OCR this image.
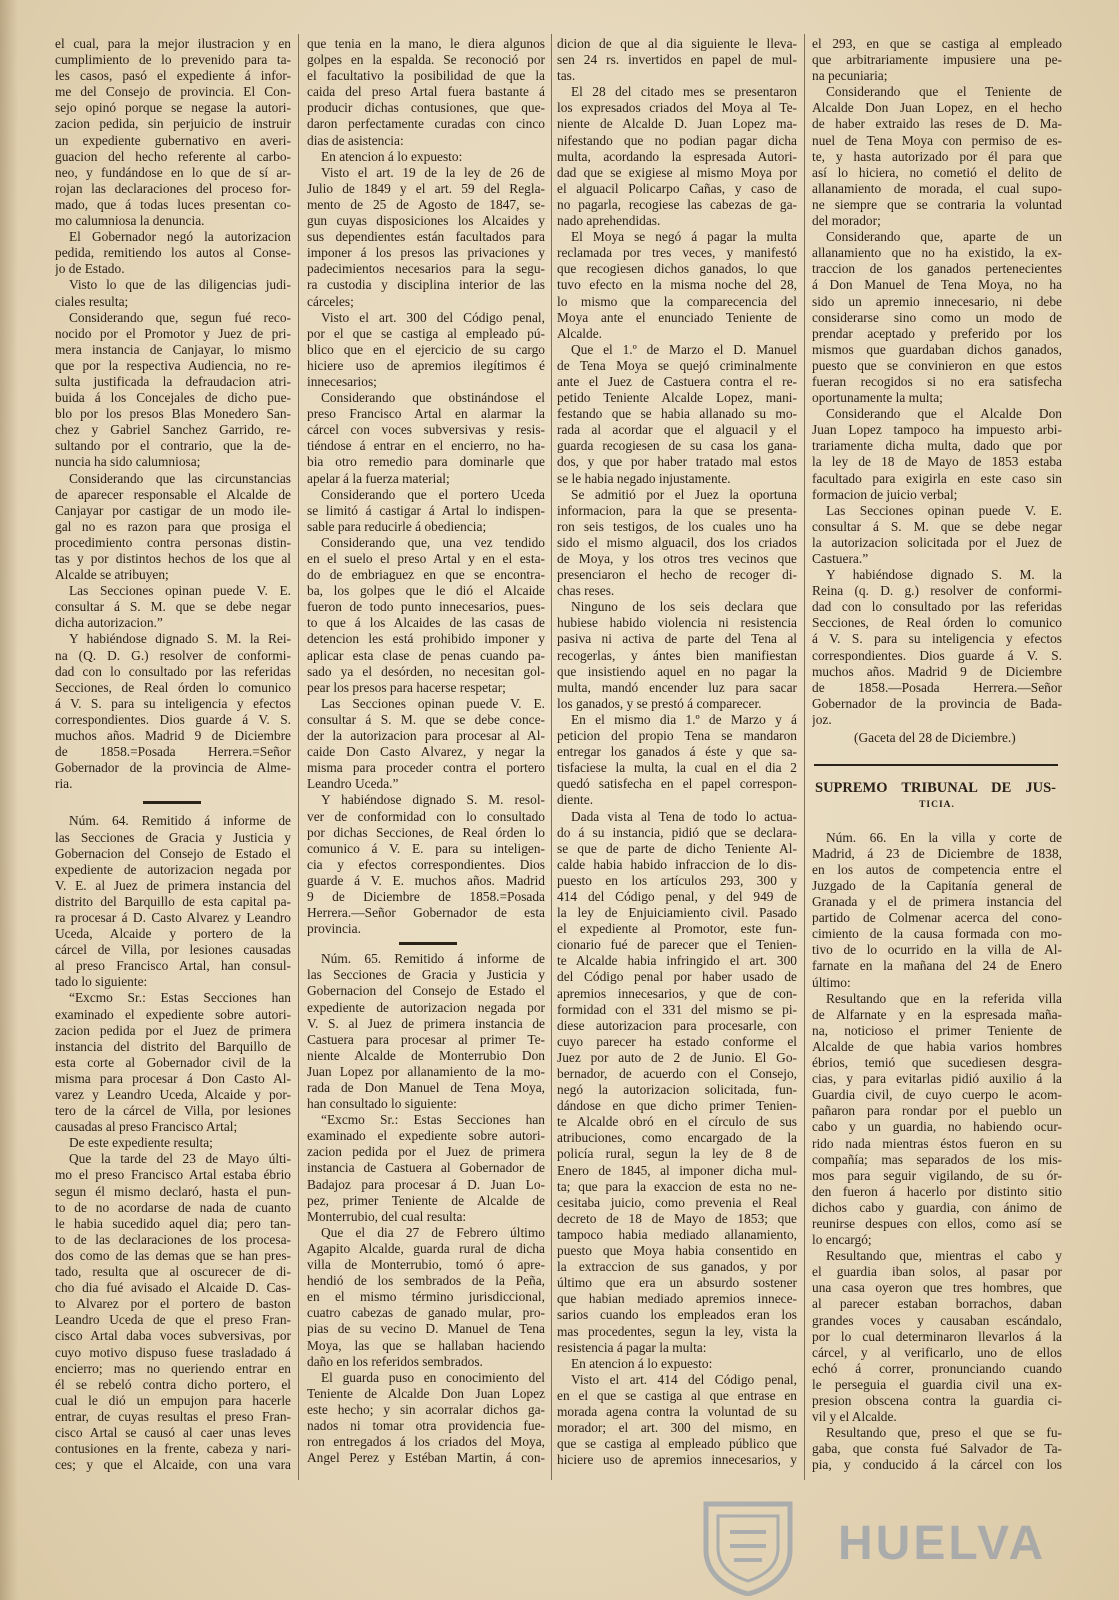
el cual, para la mejor ilustracion y en
cumplimiento de lo prevenido para ta-
les casos, pasó el expediente á infor-
me del Consejo de provincia. El Con-
sejo opinó porque se negase la autori-
zacion pedida, sin perjuicio de instruir
un expediente gubernativo en averi-
guacion del hecho referente al carbo-
neo, y fundándose en lo que de sí ar-
rojan las declaraciones del proceso for-
mado, que á todas luces presentan co-
mo calumniosa la denuncia.
El Gobernador negó la autorizacion
pedida, remitiendo los autos al Conse-
jo de Estado.
Visto lo que de las diligencias judi-
ciales resulta;
Considerando que, segun fué reco-
nocido por el Promotor y Juez de pri-
mera instancia de Canjayar, lo mismo
que por la respectiva Audiencia, no re-
sulta justificada la defraudacion atri-
buida á los Concejales de dicho pue-
blo por los presos Blas Monedero San-
chez y Gabriel Sanchez Garrido, re-
sultando por el contrario, que la de-
nuncia ha sido calumniosa;
Considerando que las circunstancias
de aparecer responsable el Alcalde de
Canjayar por castigar de un modo ile-
gal no es razon para que prosiga el
procedimiento contra personas distin-
tas y por distintos hechos de los que al
Alcalde se atribuyen;
Las Secciones opinan puede V. E.
consultar á S. M. que se debe negar
dicha autorizacion.”
Y habiéndose dignado S. M. la Rei-
na (Q. D. G.) resolver de conformi-
dad con lo consultado por las referidas
Secciones, de Real órden lo comunico
á V. S. para su inteligencia y efectos
correspondientes. Dios guarde á V. S.
muchos años. Madrid 9 de Diciembre
de 1858.=Posada Herrera.=Señor
Gobernador de la provincia de Alme-
ria.
Núm. 64. Remitido á informe de
las Secciones de Gracia y Justicia y
Gobernacion del Consejo de Estado el
expediente de autorizacion negada por
V. E. al Juez de primera instancia del
distrito del Barquillo de esta capital pa-
ra procesar á D. Casto Alvarez y Leandro
Uceda, Alcaide y portero de la
cárcel de Villa, por lesiones causadas
al preso Francisco Artal, han consul-
tado lo siguiente:
“Excmo Sr.: Estas Secciones han
examinado el expediente sobre autori-
zacion pedida por el Juez de primera
instancia del distrito del Barquillo de
esta corte al Gobernador civil de la
misma para procesar á Don Casto Al-
varez y Leandro Uceda, Alcaide y por-
tero de la cárcel de Villa, por lesiones
causadas al preso Francisco Artal;
De este expediente resulta;
Que la tarde del 23 de Mayo últi-
mo el preso Francisco Artal estaba ébrio
segun él mismo declaró, hasta el pun-
to de no acordarse de nada de cuanto
le habia sucedido aquel dia; pero tan-
to de las declaraciones de los procesa-
dos como de las demas que se han pres-
tado, resulta que al oscurecer de di-
cho dia fué avisado el Alcaide D. Cas-
to Alvarez por el portero de baston
Leandro Uceda de que el preso Fran-
cisco Artal daba voces subversivas, por
cuyo motivo dispuso fuese trasladado á
encierro; mas no queriendo entrar en
él se rebeló contra dicho portero, el
cual le dió un empujon para hacerle
entrar, de cuyas resultas el preso Fran-
cisco Artal se causó al caer unas leves
contusiones en la frente, cabeza y nari-
ces; y que el Alcaide, con una vara
que tenia en la mano, le diera algunos
golpes en la espalda. Se reconoció por
el facultativo la posibilidad de que la
caida del preso Artal fuera bastante á
producir dichas contusiones, que que-
daron perfectamente curadas con cinco
dias de asistencia:
En atencion á lo expuesto:
Visto el art. 19 de la ley de 26 de
Julio de 1849 y el art. 59 del Regla-
mento de 25 de Agosto de 1847, se-
gun cuyas disposiciones los Alcaides y
sus dependientes están facultados para
imponer á los presos las privaciones y
padecimientos necesarios para la segu-
ra custodia y disciplina interior de las
cárceles;
Visto el art. 300 del Código penal,
por el que se castiga al empleado pú-
blico que en el ejercicio de su cargo
hiciere uso de apremios ilegítimos é
innecesarios;
Considerando que obstinándose el
preso Francisco Artal en alarmar la
cárcel con voces subversivas y resis-
tiéndose á entrar en el encierro, no ha-
bia otro remedio para dominarle que
apelar á la fuerza material;
Considerando que el portero Uceda
se limitó á castigar á Artal lo indispen-
sable para reducirle á obediencia;
Considerando que, una vez tendido
en el suelo el preso Artal y en el esta-
do de embriaguez en que se encontra-
ba, los golpes que le dió el Alcaide
fueron de todo punto innecesarios, pues-
to que á los Alcaides de las casas de
detencion les está prohibido imponer y
aplicar esta clase de penas cuando pa-
sado ya el desórden, no necesitan gol-
pear los presos para hacerse respetar;
Las Secciones opinan puede V. E.
consultar á S. M. que se debe conce-
der la autorizacion para procesar al Al-
caide Don Casto Alvarez, y negar la
misma para proceder contra el portero
Leandro Uceda.”
Y habiéndose dignado S. M. resol-
ver de conformidad con lo consultado
por dichas Secciones, de Real órden lo
comunico á V. E. para su inteligen-
cia y efectos correspondientes. Dios
guarde á V. E. muchos años. Madrid
9 de Diciembre de 1858.=Posada
Herrera.—Señor Gobernador de esta
provincia.
Núm. 65. Remitido á informe de
las Secciones de Gracia y Justicia y
Gobernacion del Consejo de Estado el
expediente de autorizacion negada por
V. S. al Juez de primera instancia de
Castuera para procesar al primer Te-
niente Alcalde de Monterrubio Don
Juan Lopez por allanamiento de la mo-
rada de Don Manuel de Tena Moya,
han consultado lo siguiente:
“Excmo Sr.: Estas Secciones han
examinado el expediente sobre autori-
zacion pedida por el Juez de primera
instancia de Castuera al Gobernador de
Badajoz para procesar á D. Juan Lo-
pez, primer Teniente de Alcalde de
Monterrubio, del cual resulta:
Que el dia 27 de Febrero último
Agapito Alcalde, guarda rural de dicha
villa de Monterrubio, tomó ó apre-
hendió de los sembrados de la Peña,
en el mismo término jurisdiccional,
cuatro cabezas de ganado mular, pro-
pias de su vecino D. Manuel de Tena
Moya, las que se hallaban haciendo
daño en los referidos sembrados.
El guarda puso en conocimiento del
Teniente de Alcalde Don Juan Lopez
este hecho; y sin acorralar dichos ga-
nados ni tomar otra providencia fue-
ron entregados á los criados del Moya,
Angel Perez y Estéban Martin, á con-
dicion de que al dia siguiente le lleva-
sen 24 rs. invertidos en papel de mul-
tas.
El 28 del citado mes se presentaron
los expresados criados del Moya al Te-
niente de Alcalde D. Juan Lopez ma-
nifestando que no podian pagar dicha
multa, acordando la espresada Autori-
dad que se exigiese al mismo Moya por
el alguacil Policarpo Cañas, y caso de
no pagarla, recogiese las cabezas de ga-
nado aprehendidas.
El Moya se negó á pagar la multa
reclamada por tres veces, y manifestó
que recogiesen dichos ganados, lo que
tuvo efecto en la misma noche del 28,
lo mismo que la comparecencia del
Moya ante el enunciado Teniente de
Alcalde.
Que el 1.º de Marzo el D. Manuel
de Tena Moya se quejó criminalmente
ante el Juez de Castuera contra el re-
petido Teniente Alcalde Lopez, mani-
festando que se habia allanado su mo-
rada al acordar que el alguacil y el
guarda recogiesen de su casa los gana-
dos, y que por haber tratado mal estos
se le habia negado injustamente.
Se admitió por el Juez la oportuna
informacion, para la que se presenta-
ron seis testigos, de los cuales uno ha
sido el mismo alguacil, dos los criados
de Moya, y los otros tres vecinos que
presenciaron el hecho de recoger di-
chas reses.
Ninguno de los seis declara que
hubiese habido violencia ni resistencia
pasiva ni activa de parte del Tena al
recogerlas, y ántes bien manifiestan
que insistiendo aquel en no pagar la
multa, mandó encender luz para sacar
los ganados, y se prestó á comparecer.
En el mismo dia 1.º de Marzo y á
peticion del propio Tena se mandaron
entregar los ganados á éste y que sa-
tisfaciese la multa, la cual en el dia 2
quedó satisfecha en el papel correspon-
diente.
Dada vista al Tena de todo lo actua-
do á su instancia, pidió que se declara-
se que de parte de dicho Teniente Al-
calde habia habido infraccion de lo dis-
puesto en los artículos 293, 300 y
414 del Código penal, y del 949 de
la ley de Enjuiciamiento civil. Pasado
el expediente al Promotor, este fun-
cionario fué de parecer que el Tenien-
te Alcalde habia infringido el art. 300
del Código penal por haber usado de
apremios innecesarios, y que de con-
formidad con el 331 del mismo se pi-
diese autorizacion para procesarle, con
cuyo parecer ha estado conforme el
Juez por auto de 2 de Junio. El Go-
bernador, de acuerdo con el Consejo,
negó la autorizacion solicitada, fun-
dándose en que dicho primer Tenien-
te Alcalde obró en el círculo de sus
atribuciones, como encargado de la
policía rural, segun la ley de 8 de
Enero de 1845, al imponer dicha mul-
ta; que para la exaccion de esta no ne-
cesitaba juicio, como prevenia el Real
decreto de 18 de Mayo de 1853; que
tampoco habia mediado allanamiento,
puesto que Moya habia consentido en
la extraccion de sus ganados, y por
último que era un absurdo sostener
que habian mediado apremios innece-
sarios cuando los empleados eran los
mas procedentes, segun la ley, vista la
resistencia á pagar la multa:
En atencion á lo expuesto:
Visto el art. 414 del Código penal,
en el que se castiga al que entrase en
morada agena contra la voluntad de su
morador; el art. 300 del mismo, en
que se castiga al empleado público que
hiciere uso de apremios innecesarios, y
el 293, en que se castiga al empleado
que arbitrariamente impusiere una pe-
na pecuniaria;
Considerando que el Teniente de
Alcalde Don Juan Lopez, en el hecho
de haber extraido las reses de D. Ma-
nuel de Tena Moya con permiso de es-
te, y hasta autorizado por él para que
así lo hiciera, no cometió el delito de
allanamiento de morada, el cual supo-
ne siempre que se contraria la voluntad
del morador;
Considerando que, aparte de un
allanamiento que no ha existido, la ex-
traccion de los ganados pertenecientes
á Don Manuel de Tena Moya, no ha
sido un apremio innecesario, ni debe
considerarse sino como un modo de
prendar aceptado y preferido por los
mismos que guardaban dichos ganados,
puesto que se convinieron en que estos
fueran recogidos si no era satisfecha
oportunamente la multa;
Considerando que el Alcalde Don
Juan Lopez tampoco ha impuesto arbi-
trariamente dicha multa, dado que por
la ley de 18 de Mayo de 1853 estaba
facultado para exigirla en este caso sin
formacion de juicio verbal;
Las Secciones opinan puede V. E.
consultar á S. M. que se debe negar
la autorizacion solicitada por el Juez de
Castuera.”
Y habiéndose dignado S. M. la
Reina (q. D. g.) resolver de conformi-
dad con lo consultado por las referidas
Secciones, de Real órden lo comunico
á V. S. para su inteligencia y efectos
correspondientes. Dios guarde á V. S.
muchos años. Madrid 9 de Diciembre
de 1858.—Posada Herrera.—Señor
Gobernador de la provincia de Bada-
joz.
(Gaceta del 28 de Diciembre.)
SUPREMO TRIBUNAL DE JUS-
TICIA.
Núm. 66. En la villa y corte de
Madrid, á 23 de Diciembre de 1838,
en los autos de competencia entre el
Juzgado de la Capitanía general de
Granada y el de primera instancia del
partido de Colmenar acerca del cono-
cimiento de la causa formada con mo-
tivo de lo ocurrido en la villa de Al-
farnate en la mañana del 24 de Enero
último:
Resultando que en la referida villa
de Alfarnate y en la espresada maña-
na, noticioso el primer Teniente de
Alcalde de que habia varios hombres
ébrios, temió que sucediesen desgra-
cias, y para evitarlas pidió auxilio á la
Guardia civil, de cuyo cuerpo le acom-
pañaron para rondar por el pueblo un
cabo y un guardia, no habiendo ocur-
rido nada mientras éstos fueron en su
compañía; mas separados de los mis-
mos para seguir vigilando, de su ór-
den fueron á hacerlo por distinto sitio
dichos cabo y guardia, con ánimo de
reunirse despues con ellos, como así se
lo encargó;
Resultando que, mientras el cabo y
el guardia iban solos, al pasar por
una casa oyeron que tres hombres, que
al parecer estaban borrachos, daban
grandes voces y causaban escándalo,
por lo cual determinaron llevarlos á la
cárcel, y al verificarlo, uno de ellos
echó á correr, pronunciando cuando
le perseguia el guardia civil una ex-
presion obscena contra la guardia ci-
vil y el Alcalde.
Resultando que, preso el que se fu-
gaba, que consta fué Salvador de Ta-
pia, y conducido á la cárcel con los
HUELVA
